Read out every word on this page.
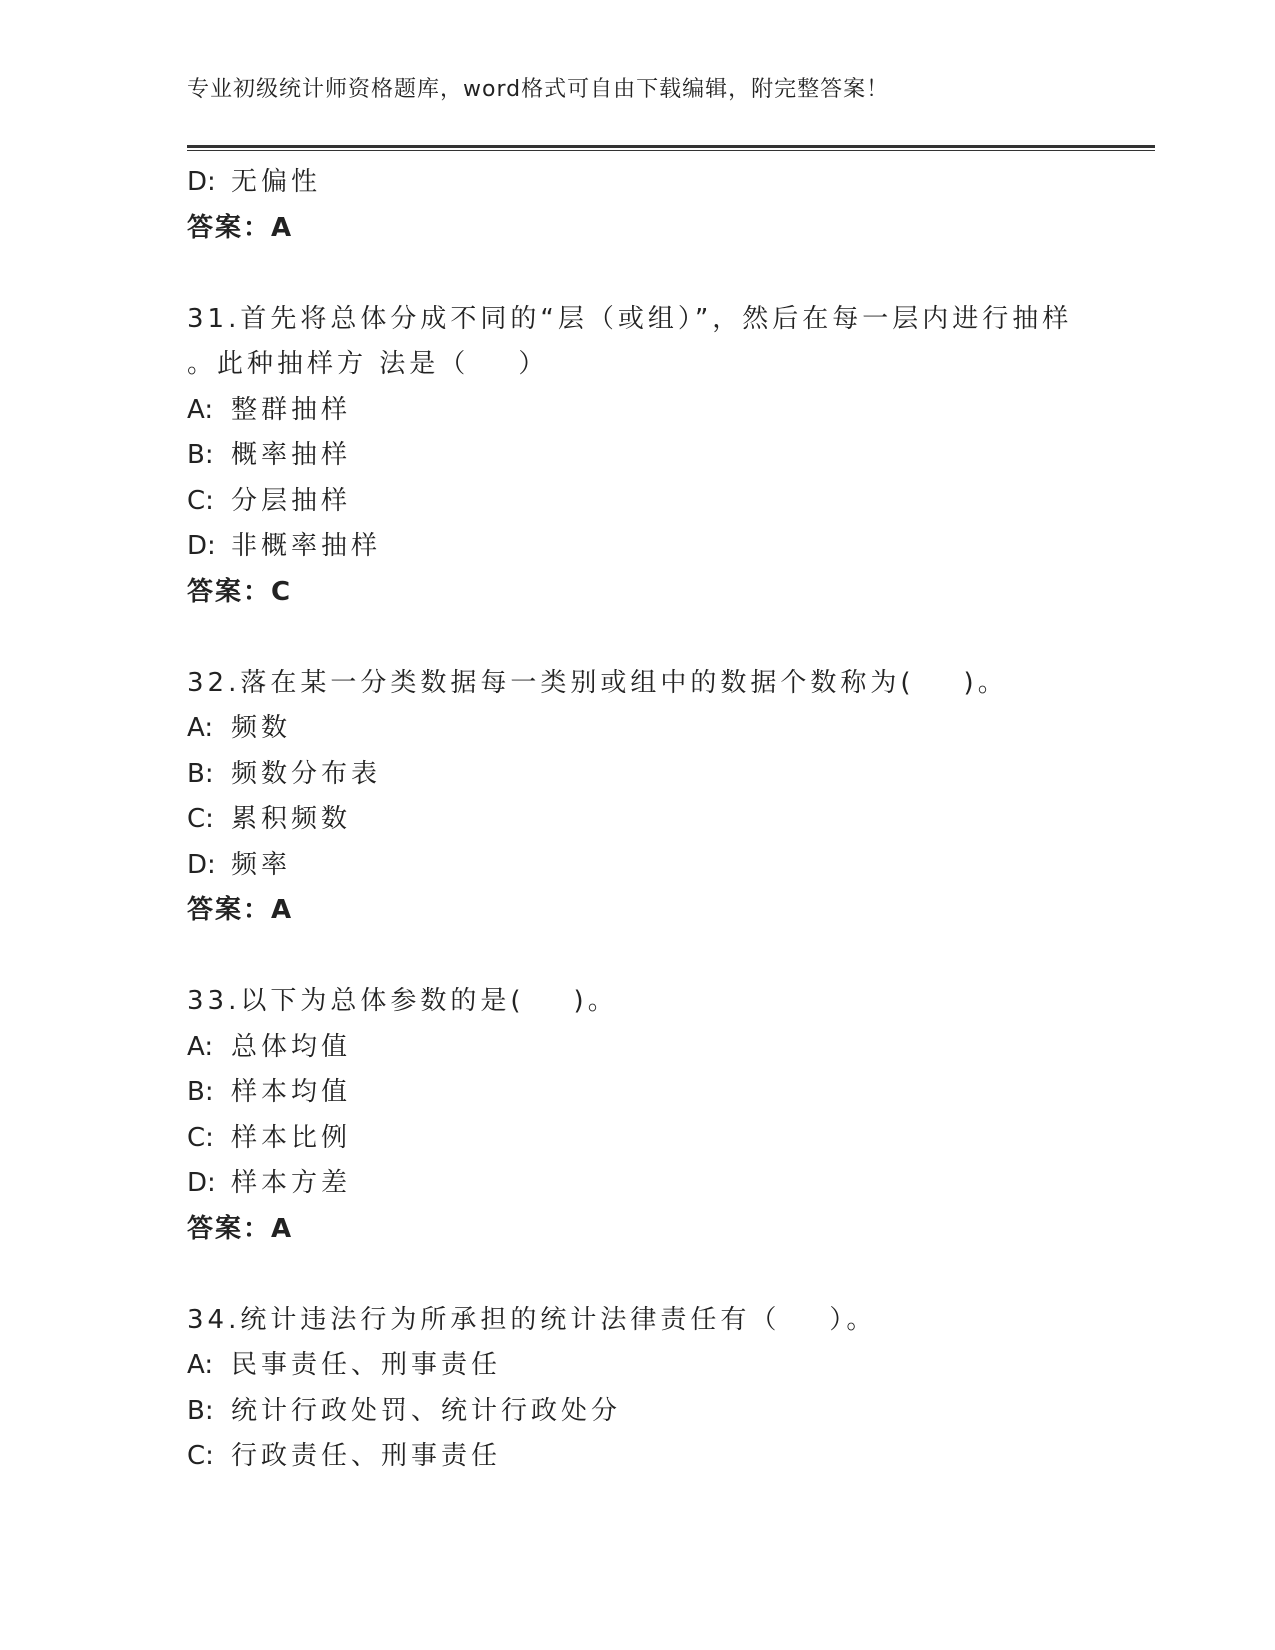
专业初级统计师资格题库，word格式可自由下载编辑，附完整答案！
D: 无偏性
答案：A
31.首先将总体分成不同的“层（或组）”，然后在每一层内进行抽样
。此种抽样方 法是（    ）
A: 整群抽样
B: 概率抽样
C: 分层抽样
D: 非概率抽样
答案：C
32.落在某一分类数据每一类别或组中的数据个数称为(    )。
A: 频数
B: 频数分布表
C: 累积频数
D: 频率
答案：A
33.以下为总体参数的是(    )。
A: 总体均值
B: 样本均值
C: 样本比例
D: 样本方差
答案：A
34.统计违法行为所承担的统计法律责任有（    ）。
A: 民事责任、刑事责任
B: 统计行政处罚、统计行政处分
C: 行政责任、刑事责任
